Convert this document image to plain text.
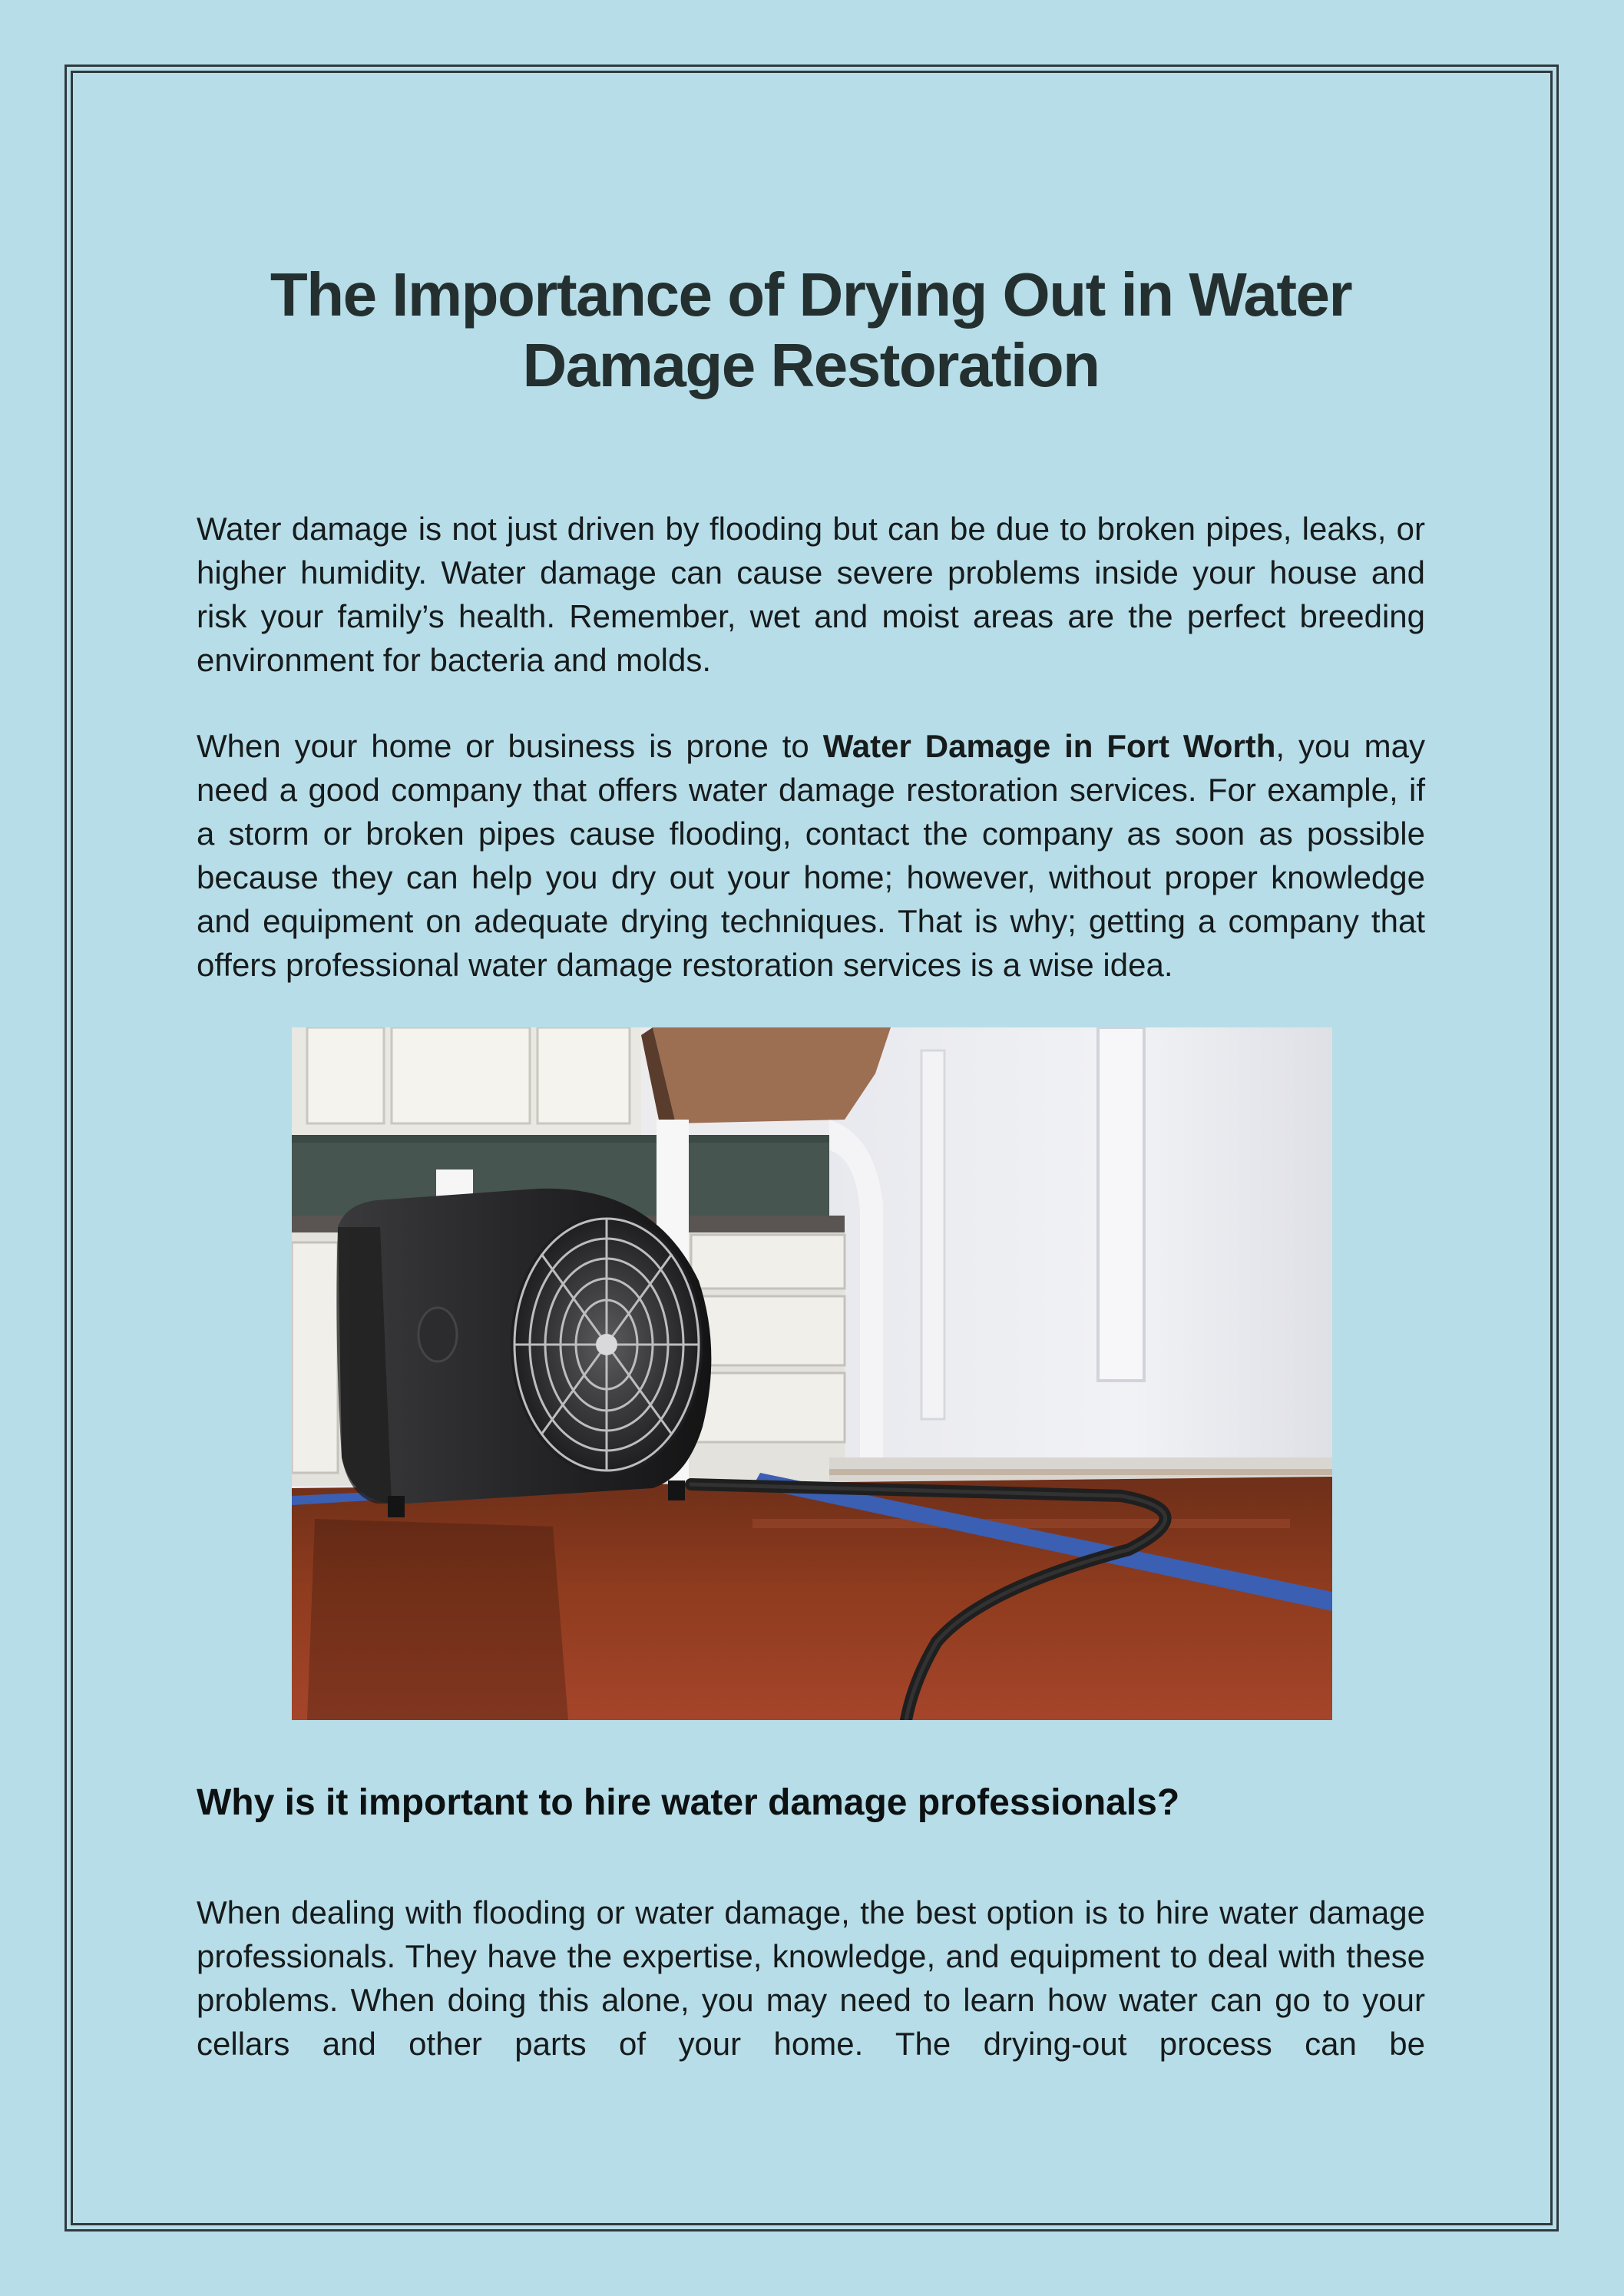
The Importance of Drying Out in Water Damage Restoration

Water damage is not just driven by flooding but can be due to broken pipes, leaks, or higher humidity. Water damage can cause severe problems inside your house and risk your family’s health. Remember, wet and moist areas are the perfect breeding environment for bacteria and molds.

When your home or business is prone to Water Damage in Fort Worth, you may need a good company that offers water damage restoration services. For example, if a storm or broken pipes cause flooding, contact the company as soon as possible because they can help you dry out your home; however, without proper knowledge and equipment on adequate drying techniques. That is why; getting a company that offers professional water damage restoration services is a wise idea.

Why is it important to hire water damage professionals?

When dealing with flooding or water damage, the best option is to hire water damage professionals. They have the expertise, knowledge, and equipment to deal with these problems. When doing this alone, you may need to learn how water can go to your cellars and other parts of your home. The drying-out process can be
